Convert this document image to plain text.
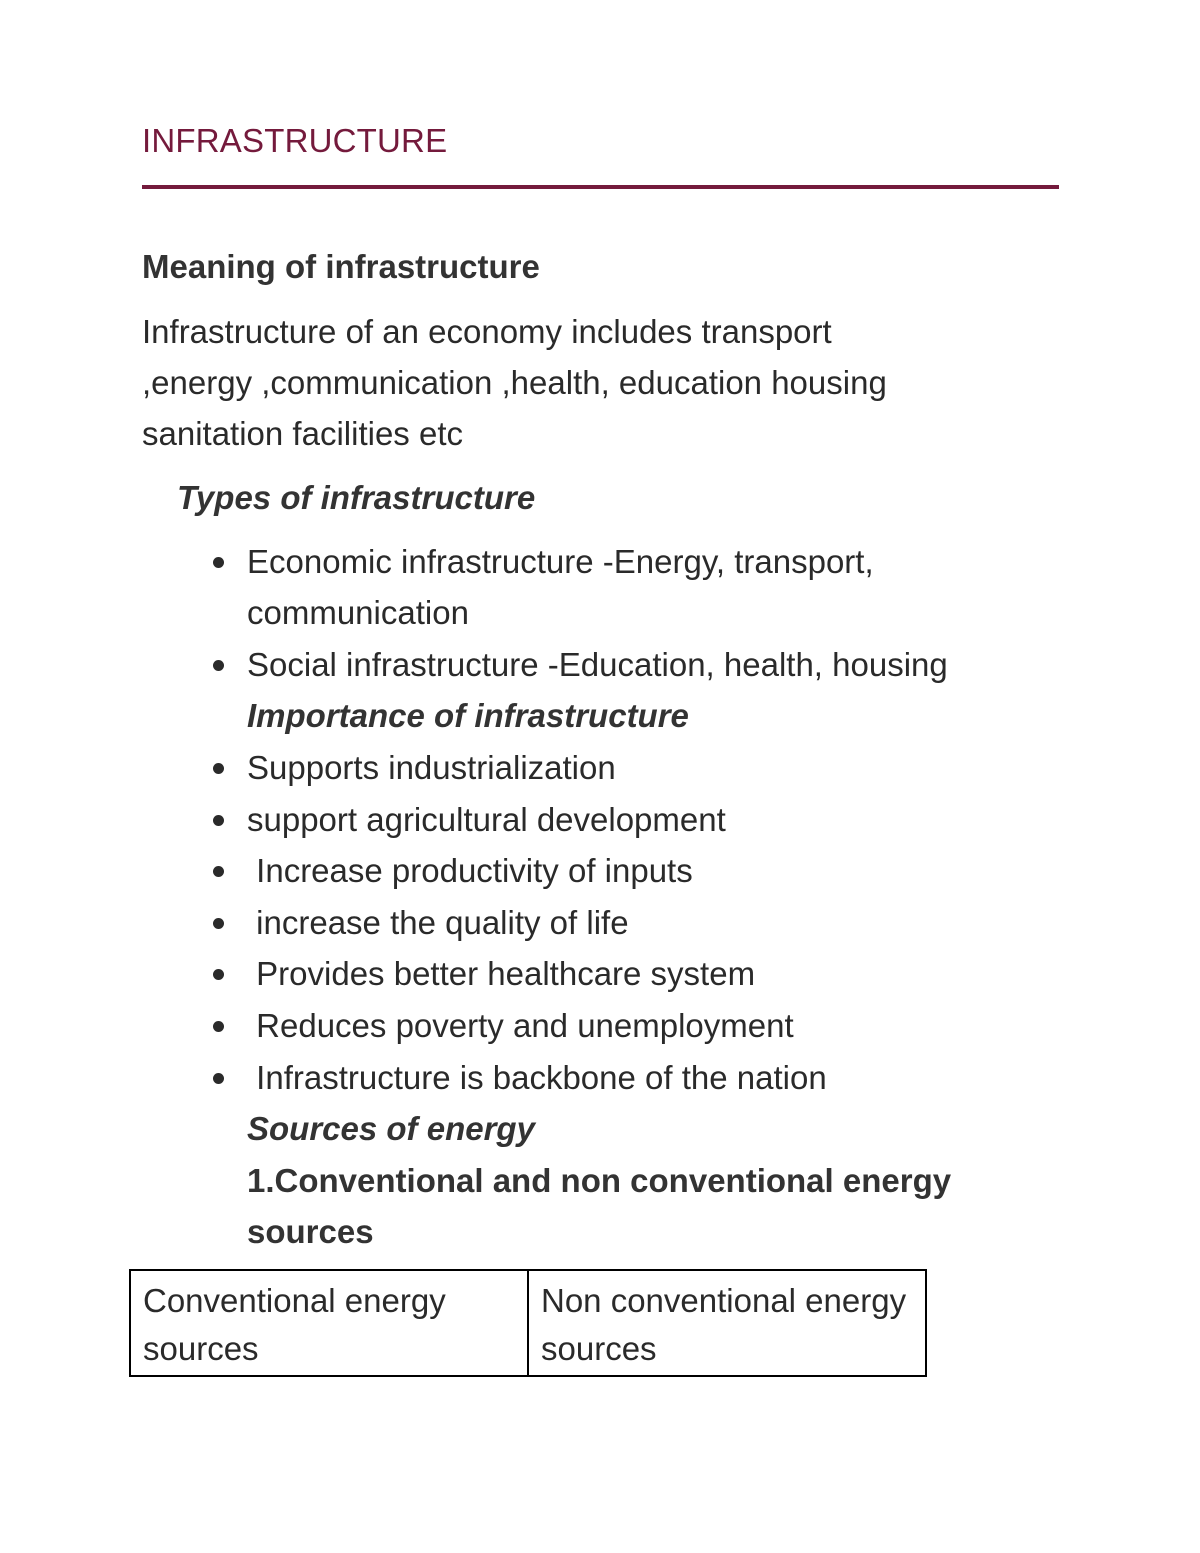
INFRASTRUCTURE
Meaning of infrastructure
Infrastructure of an economy includes transport
,energy ,communication ,health, education housing
sanitation facilities etc
Types of infrastructure
Economic infrastructure -Energy, transport,
communication
Social infrastructure -Education, health, housing
Importance of infrastructure
Supports industrialization
support agricultural development
Increase productivity of inputs
increase the quality of life
Provides better healthcare system
Reduces poverty and unemployment
Infrastructure is backbone of the nation
Sources of energy
1.Conventional and non conventional energy
sources
Conventional energy sources	Non conventional energy sources
